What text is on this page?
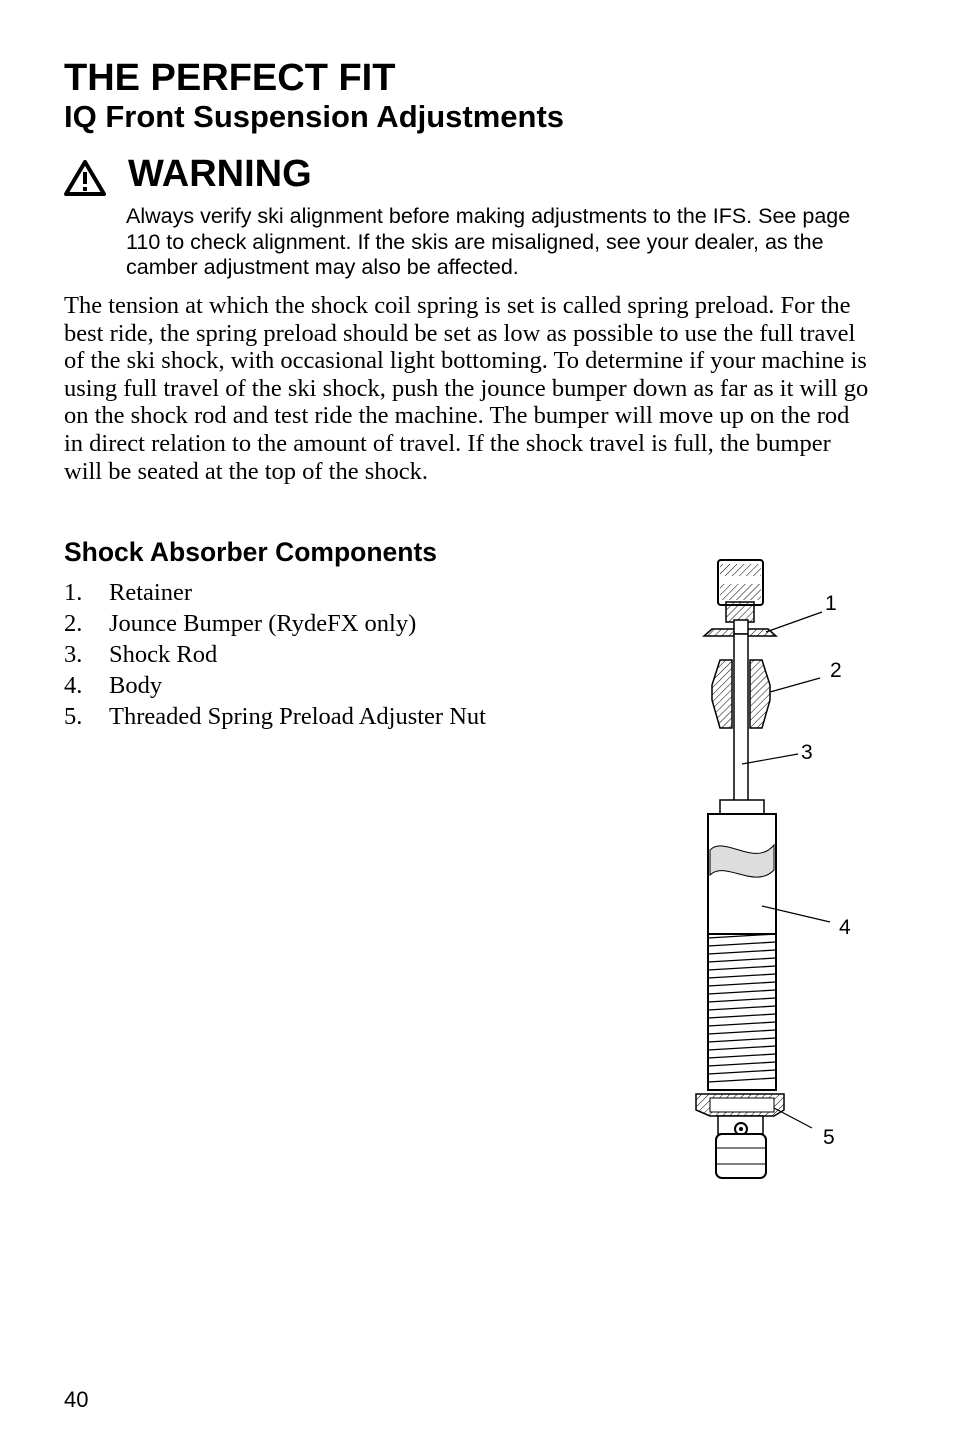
THE PERFECT FIT
IQ Front Suspension Adjustments
WARNING

Always verify ski alignment before making adjustments to the IFS. See page 110 to check alignment. If the skis are misaligned, see your dealer, as the camber adjustment may also be affected.

The tension at which the shock coil spring is set is called spring preload. For the best ride, the spring preload should be set as low as possible to use the full travel of the ski shock, with occasional light bottoming. To determine if your machine is using full travel of the ski shock, push the jounce bumper down as far as it will go on the shock rod and test ride the machine. The bumper will move up on the rod in direct relation to the amount of travel. If the shock travel is full, the bumper will be seated at the top of the shock.

Shock Absorber Components
1. Retainer
2. Jounce Bumper (RydeFX only)
3. Shock Rod
4. Body
5. Threaded Spring Preload Adjuster Nut
1
2
3
4
5

40
